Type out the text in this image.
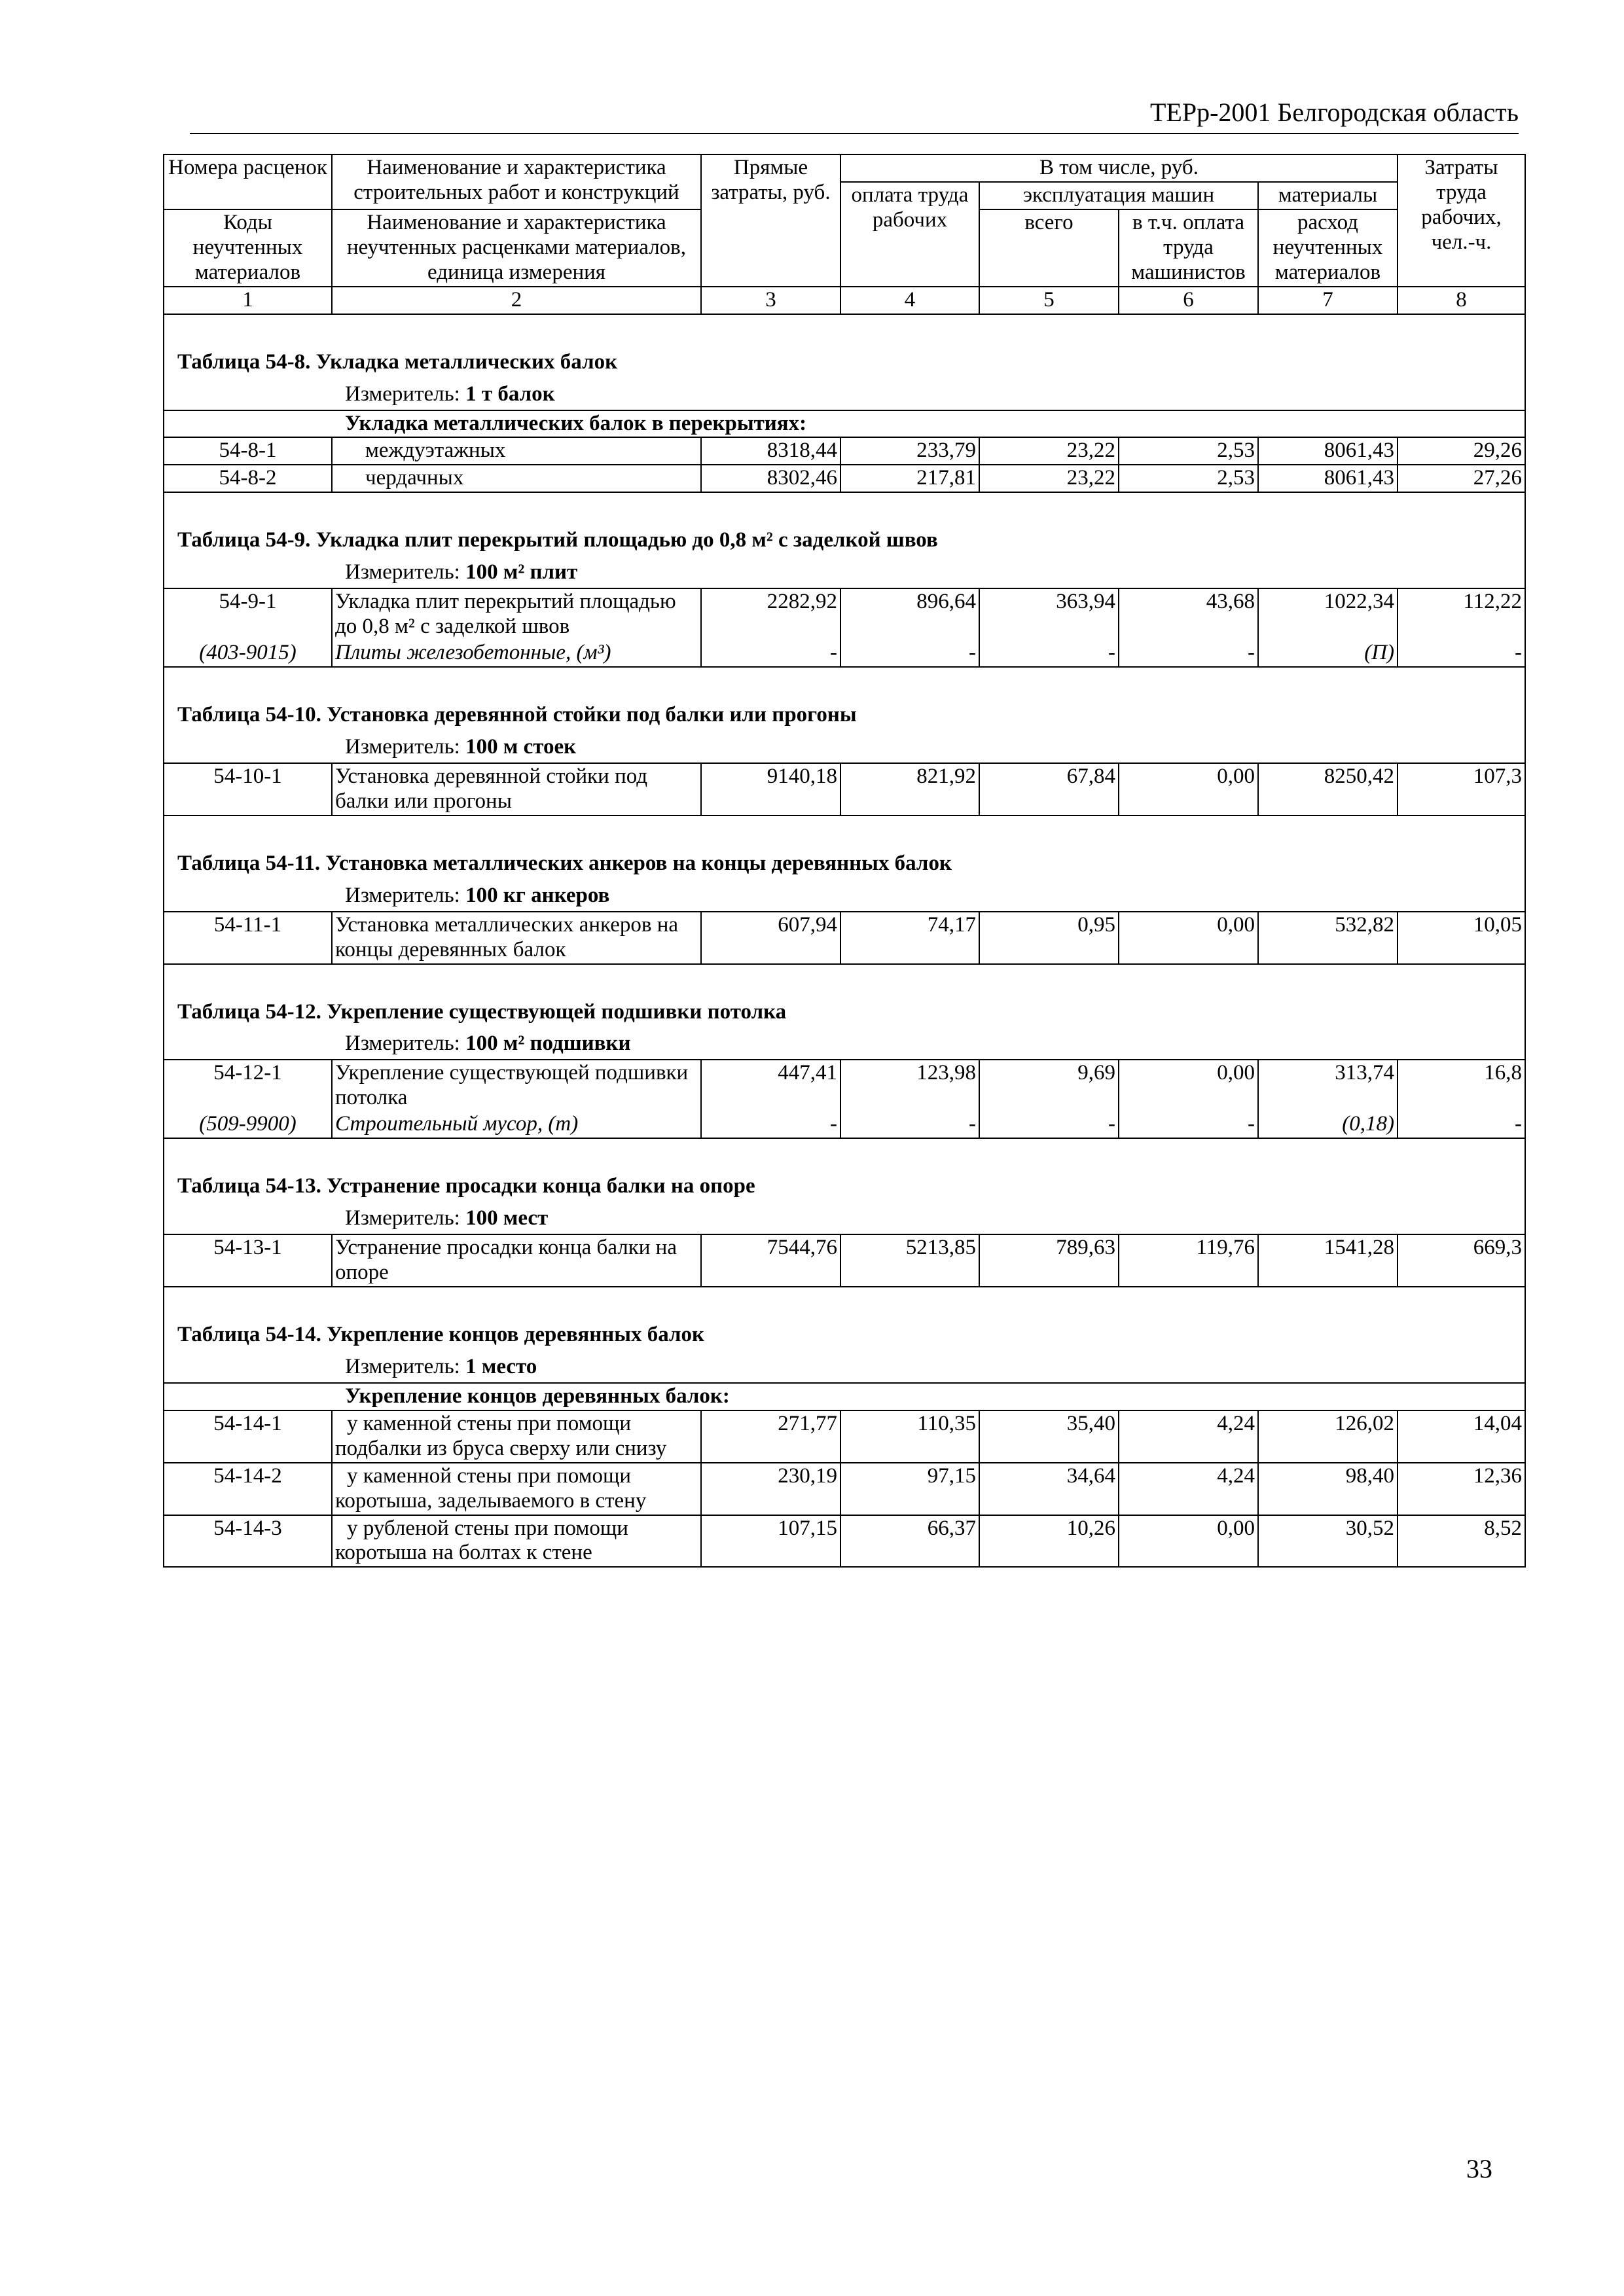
ТЕРр-2001 Белгородская область
Номера расценок	Наименование и характеристика строительных работ и конструкций	Прямые затраты, руб.	В том числе, руб.				Затраты труда рабочих, чел.-ч.
			оплата труда рабочих	эксплуатация машин		материалы	
Коды неучтенных материалов	Наименование и характеристика неучтенных расценками материалов, единица измерения			всего	в т.ч. оплата труда машинистов	расход неучтенных материалов	

1	2	3	4	5	6	7	8
Таблица 54-8. Укладка металлических балок							
Измеритель: 1 т балок							
Укладка металлических балок в перекрытиях:							
54-8-1	междуэтажных	8318,44	233,79	23,22	2,53	8061,43	29,26
54-8-2	чердачных	8302,46	217,81	23,22	2,53	8061,43	27,26
Таблица 54-9. Укладка плит перекрытий площадью до 0,8 м² с заделкой швов							
Измеритель: 100 м² плит							
54-9-1	Укладка плит перекрытий площадью до 0,8 м² с заделкой швов	2282,92	896,64	363,94	43,68	1022,34	112,22
(403-9015)	Плиты железобетонные, (м³)	-	-	-	-	(П)	-
Таблица 54-10. Установка деревянной стойки под балки или прогоны							
Измеритель: 100 м стоек							
54-10-1	Установка деревянной стойки под балки или прогоны	9140,18	821,92	67,84	0,00	8250,42	107,3
Таблица 54-11. Установка металлических анкеров на концы деревянных балок							
Измеритель: 100 кг анкеров							
54-11-1	Установка металлических анкеров на концы деревянных балок	607,94	74,17	0,95	0,00	532,82	10,05
Таблица 54-12. Укрепление существующей подшивки потолка							
Измеритель: 100 м² подшивки							
54-12-1	Укрепление существующей подшивки потолка	447,41	123,98	9,69	0,00	313,74	16,8
(509-9900)	Строительный мусор, (т)	-	-	-	-	(0,18)	-
Таблица 54-13. Устранение просадки конца балки на опоре							
Измеритель: 100 мест							
54-13-1	Устранение просадки конца балки на опоре	7544,76	5213,85	789,63	119,76	1541,28	669,3
Таблица 54-14. Укрепление концов деревянных балок							
Измеритель: 1 место							
Укрепление концов деревянных балок:							
54-14-1	у каменной стены при помощи подбалки из бруса сверху или снизу	271,77	110,35	35,40	4,24	126,02	14,04
54-14-2	у каменной стены при помощи коротыша, заделываемого в стену	230,19	97,15	34,64	4,24	98,40	12,36
54-14-3	у рубленой стены при помощи коротыша на болтах к стене	107,15	66,37	10,26	0,00	30,52	8,52
33
